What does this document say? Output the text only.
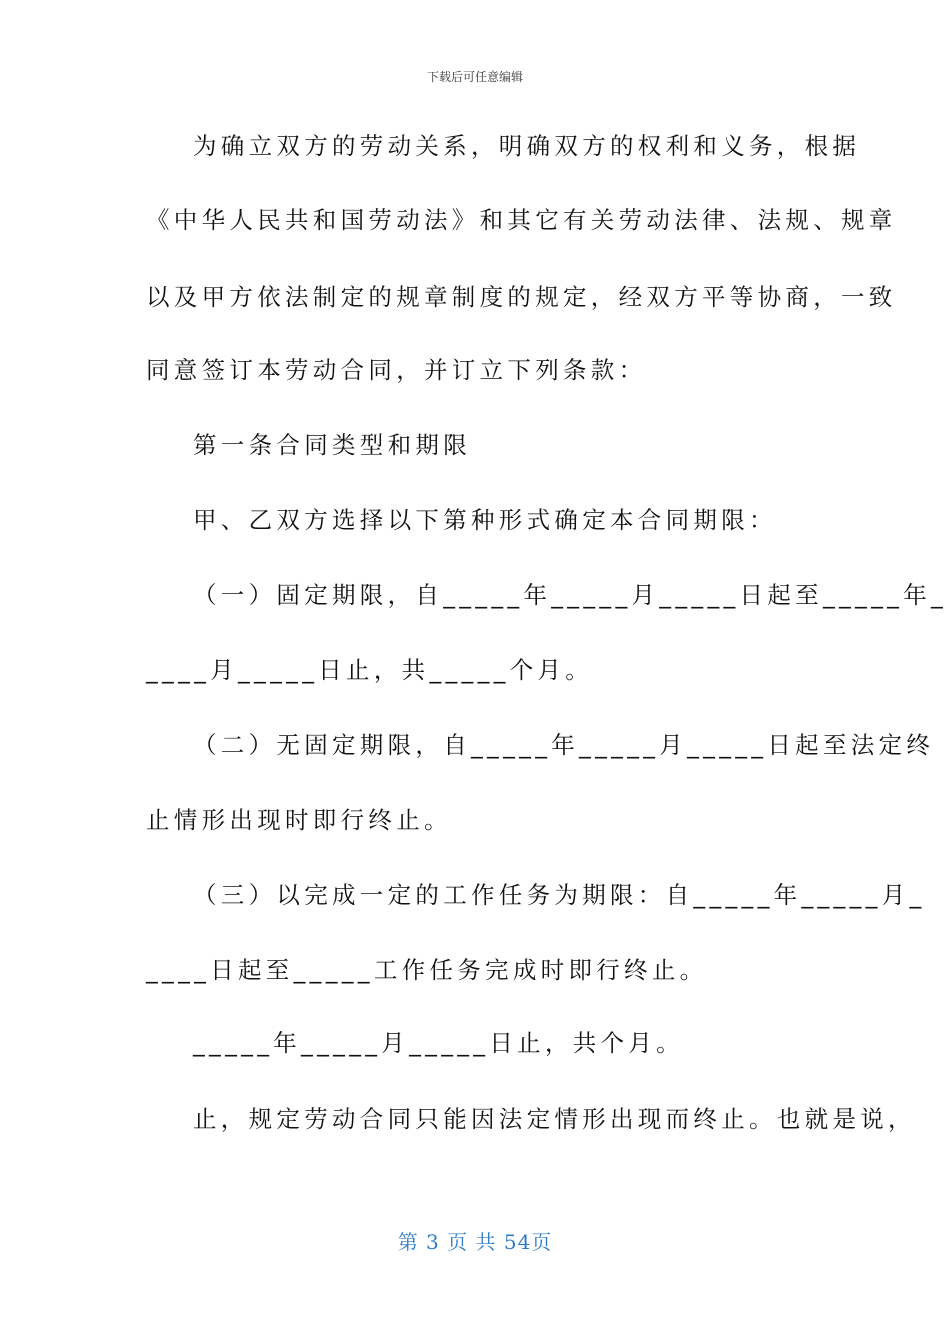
下载后可任意编辑
为确立双方的劳动关系，明确双方的权利和义务，根据
《中华人民共和国劳动法》和其它有关劳动法律、法规、规章
以及甲方依法制定的规章制度的规定，经双方平等协商，一致
同意签订本劳动合同，并订立下列条款：
第一条合同类型和期限
甲、乙双方选择以下第种形式确定本合同期限：
（一）固定期限，自_____年_____月_____日起至_____年_
____月_____日止，共_____个月。
（二）无固定期限，自_____年_____月_____日起至法定终
止情形出现时即行终止。
（三）以完成一定的工作任务为期限：自_____年_____月_
____日起至_____工作任务完成时即行终止。
_____年_____月_____日止，共个月。
止，规定劳动合同只能因法定情形出现而终止。也就是说，
第 3 页 共 54页
